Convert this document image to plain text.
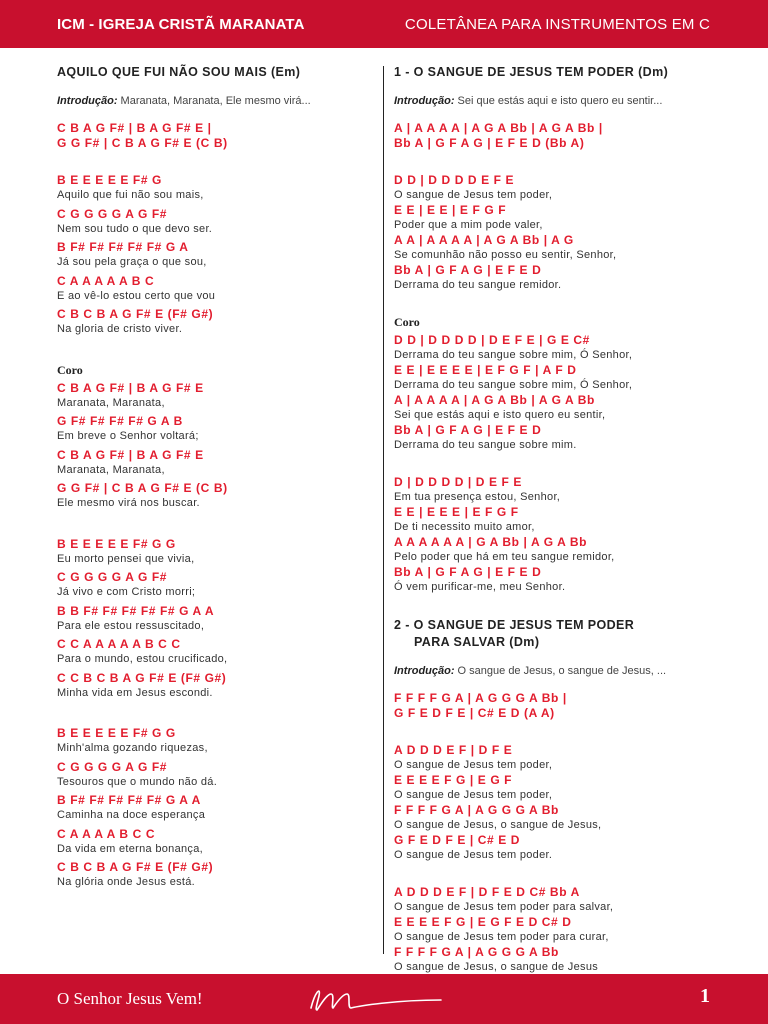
ICM - IGREJA CRISTÃ MARANATA	COLETÂNEA PARA INSTRUMENTOS EM C
AQUILO QUE FUI NÃO SOU MAIS (Em)
Introdução: Maranata, Maranata, Ele mesmo virá...
C B A G F# | B A G F# E |
G G F# | C B A G F# E (C B)
B E E E E E F# G
Aquilo que fui não sou mais,
C G G G G A G F#
Nem sou tudo o que devo ser.
B F# F# F# F# F# G A
Já sou pela graça o que sou,
C A A A A A B C
E ao vê-lo estou certo que vou
C B C B A G F# E (F# G#)
Na gloria de cristo viver.
Coro
C B A G F# | B A G F# E
Maranata, Maranata,
G F# F# F# F# G A B
Em breve o Senhor voltará;
C B A G F# | B A G F# E
Maranata, Maranata,
G G F# | C B A G F# E (C B)
Ele mesmo virá nos buscar.
B E E E E E F# G G
Eu morto pensei que vivia,
C G G G G A G F#
Já vivo e com Cristo morri;
B B F# F# F# F# F# G A A
Para ele estou ressuscitado,
C C A A A A A B C C
Para o mundo, estou crucificado,
C C B C B A G F# E (F# G#)
Minha vida em Jesus escondi.
B E E E E E F# G G
Minh'alma gozando riquezas,
C G G G G A G F#
Tesouros que o mundo não dá.
B F# F# F# F# F# G A A
Caminha na doce esperança
C A A A A B C C
Da vida em eterna bonança,
C B C B A G F# E (F# G#)
Na glória onde Jesus está.
1 - O SANGUE DE JESUS TEM PODER (Dm)
Introdução: Sei que estás aqui e isto quero eu sentir...
A | A A A A | A G A Bb | A G A Bb |
Bb A | G F A G | E F E D (Bb A)
D D | D D D D E F E
O sangue de Jesus tem poder,
E E | E E | E F G F
Poder que a mim pode valer,
A A | A A A A | A G A Bb | A G
Se comunhão não posso eu sentir, Senhor,
Bb A | G F A G | E F E D
Derrama do teu sangue remidor.
Coro
D D | D D D D | D E F E | G E C#
Derrama do teu sangue sobre mim, Ó Senhor,
E E | E E E E | E F G F | A F D
Derrama do teu sangue sobre mim, Ó Senhor,
A | A A A A | A G A Bb | A G A Bb
Sei que estás aqui e isto quero eu sentir,
Bb A | G F A G | E F E D
Derrama do teu sangue sobre mim.
D | D D D D | D E F E
Em tua presença estou, Senhor,
E E | E E E | E F G F
De ti necessito muito amor,
A A A A A A | G A Bb | A G A Bb
Pelo poder que há em teu sangue remidor,
Bb A | G F A G | E F E D
Ó vem purificar-me, meu Senhor.
2 - O SANGUE DE JESUS TEM PODER
PARA SALVAR (Dm)
Introdução: O sangue de Jesus, o sangue de Jesus, ...
F F F F G A | A G G G A Bb |
G F E D F E | C# E D (A A)
A D D D E F | D F E
O sangue de Jesus tem poder,
E E E E F G | E G F
O sangue de Jesus tem poder,
F F F F G A | A G G G A Bb
O sangue de Jesus, o sangue de Jesus,
G F E D F E | C# E D
O sangue de Jesus tem poder.
A D D D E F | D F E D C# Bb A
O sangue de Jesus tem poder para salvar,
E E E E F G | E G F E D C# D
O sangue de Jesus tem poder para curar,
F F F F G A | A G G G A Bb
O sangue de Jesus, o sangue de Jesus
O Senhor Jesus Vem!	1
